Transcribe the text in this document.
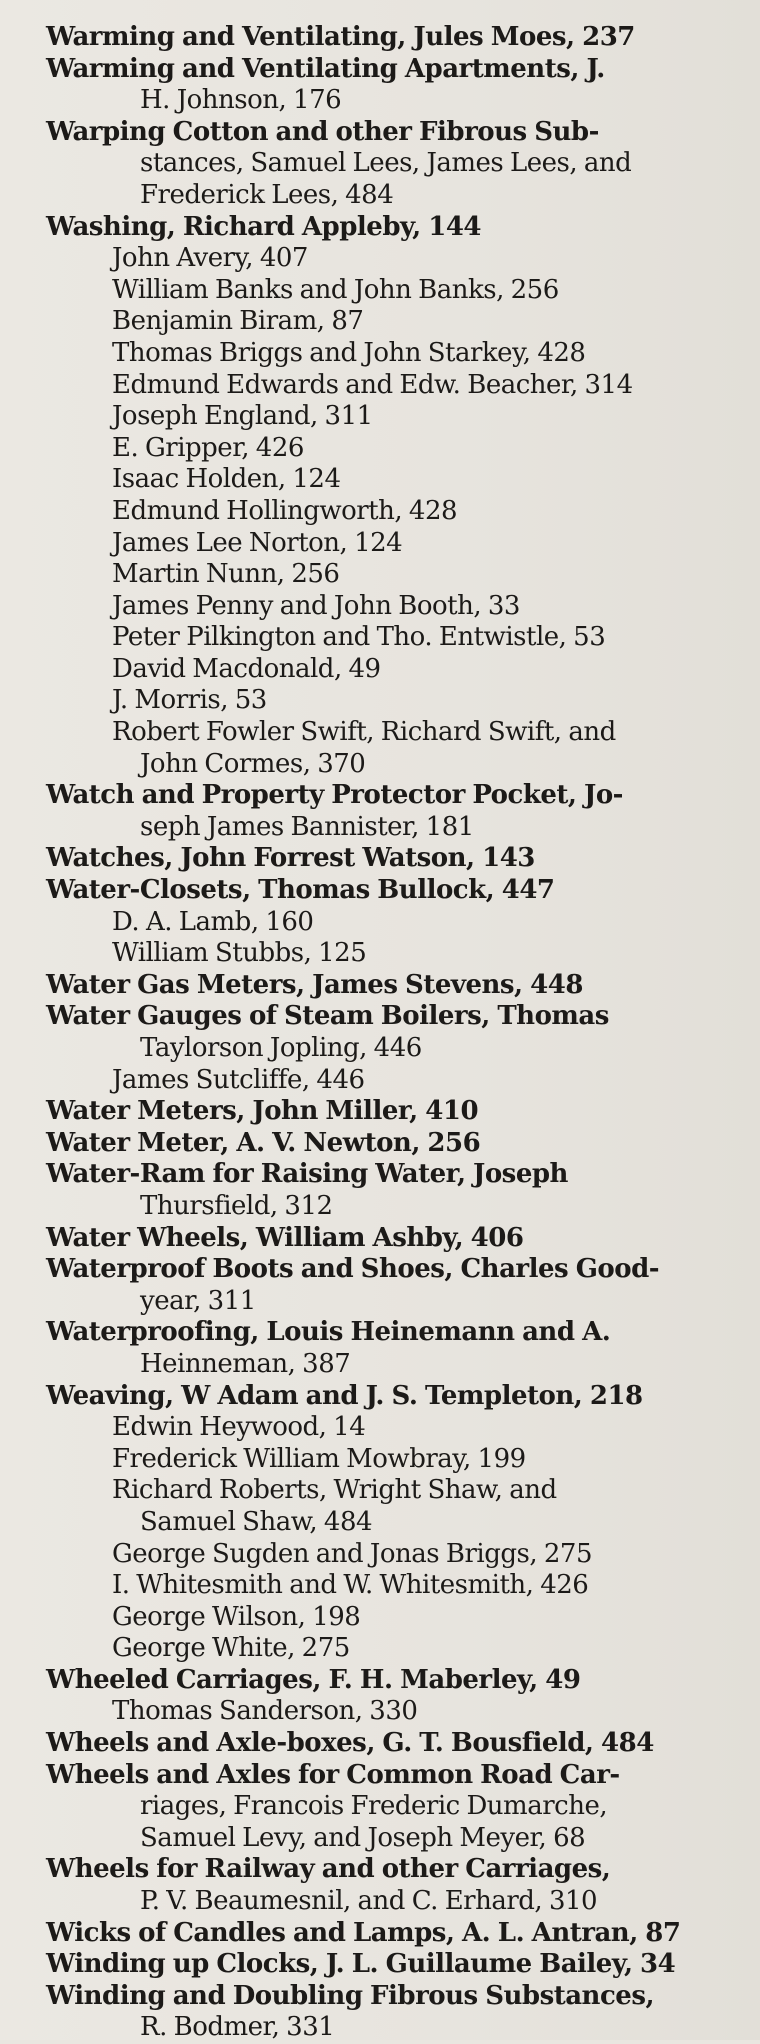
Warming and Ventilating, Jules Moes, 237
Warming and Ventilating Apartments, J.
H. Johnson, 176
Warping Cotton and other Fibrous Sub-
stances, Samuel Lees, James Lees, and
Frederick Lees, 484
Washing, Richard Appleby, 144
John Avery, 407
William Banks and John Banks, 256
Benjamin Biram, 87
Thomas Briggs and John Starkey, 428
Edmund Edwards and Edw. Beacher, 314
Joseph England, 311
E. Gripper, 426
Isaac Holden, 124
Edmund Hollingworth, 428
James Lee Norton, 124
Martin Nunn, 256
James Penny and John Booth, 33
Peter Pilkington and Tho. Entwistle, 53
David Macdonald, 49
J. Morris, 53
Robert Fowler Swift, Richard Swift, and
John Cormes, 370
Watch and Property Protector Pocket, Jo-
seph James Bannister, 181
Watches, John Forrest Watson, 143
Water-Closets, Thomas Bullock, 447
D. A. Lamb, 160
William Stubbs, 125
Water Gas Meters, James Stevens, 448
Water Gauges of Steam Boilers, Thomas
Taylorson Jopling, 446
James Sutcliffe, 446
Water Meters, John Miller, 410
Water Meter, A. V. Newton, 256
Water-Ram for Raising Water, Joseph
Thursfield, 312
Water Wheels, William Ashby, 406
Waterproof Boots and Shoes, Charles Good-
year, 311
Waterproofing, Louis Heinemann and A.
Heinneman, 387
Weaving, W Adam and J. S. Templeton, 218
Edwin Heywood, 14
Frederick William Mowbray, 199
Richard Roberts, Wright Shaw, and
Samuel Shaw, 484
George Sugden and Jonas Briggs, 275
I. Whitesmith and W. Whitesmith, 426
George Wilson, 198
George White, 275
Wheeled Carriages, F. H. Maberley, 49
Thomas Sanderson, 330
Wheels and Axle-boxes, G. T. Bousfield, 484
Wheels and Axles for Common Road Car-
riages, Francois Frederic Dumarche,
Samuel Levy, and Joseph Meyer, 68
Wheels for Railway and other Carriages,
P. V. Beaumesnil, and C. Erhard, 310
Wicks of Candles and Lamps, A. L. Antran, 87
Winding up Clocks, J. L. Guillaume Bailey, 34
Winding and Doubling Fibrous Substances,
R. Bodmer, 331
